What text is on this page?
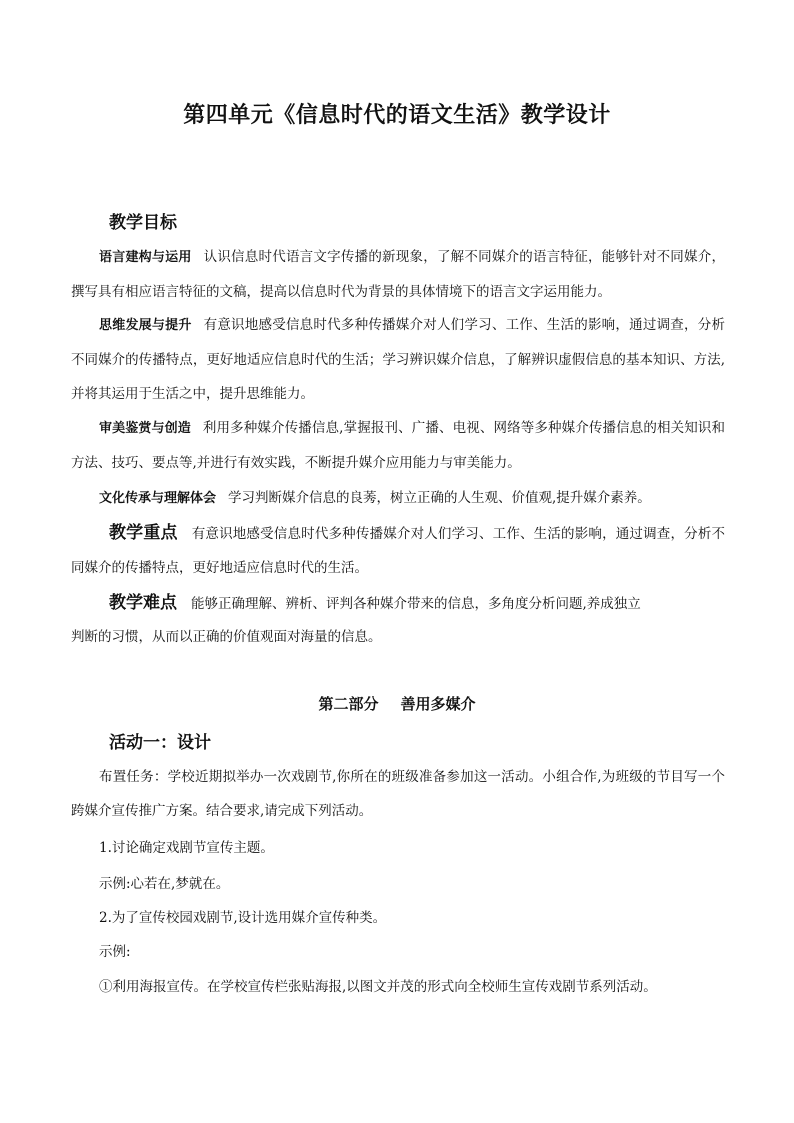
第四单元《信息时代的语文生活》教学设计
教学目标
语言建构与运用 认识信息时代语言文字传播的新现象，了解不同媒介的语言特征，能够针对不同媒介，撰写具有相应语言特征的文稿，提高以信息时代为背景的具体情境下的语言文字运用能力。
思维发展与提升 有意识地感受信息时代多种传播媒介对人们学习、工作、生活的影响，通过调查，分析不同媒介的传播特点，更好地适应信息时代的生活；学习辨识媒介信息，了解辨识虚假信息的基本知识、方法,并将其运用于生活之中，提升思维能力。
审美鉴赏与创造 利用多种媒介传播信息,掌握报刊、广播、电视、网络等多种媒介传播信息的相关知识和方法、技巧、要点等,并进行有效实践，不断提升媒介应用能力与审美能力。
文化传承与理解体会 学习判断媒介信息的良莠，树立正确的人生观、价值观,提升媒介素养。
教学重点 有意识地感受信息时代多种传播媒介对人们学习、工作、生活的影响，通过调查，分析不同媒介的传播特点，更好地适应信息时代的生活。
教学难点 能够正确理解、辨析、评判各种媒介带来的信息，多角度分析问题,养成独立
判断的习惯，从而以正确的价值观面对海量的信息。
第二部分 善用多媒介
活动一：设计
布置任务：学校近期拟举办一次戏剧节,你所在的班级准备参加这一活动。小组合作,为班级的节目写一个跨媒介宣传推广方案。结合要求,请完成下列活动。
1.讨论确定戏剧节宣传主题。
示例:心若在,梦就在。
2.为了宣传校园戏剧节,设计选用媒介宣传种类。
示例:
①利用海报宣传。在学校宣传栏张贴海报,以图文并茂的形式向全校师生宣传戏剧节系列活动。
